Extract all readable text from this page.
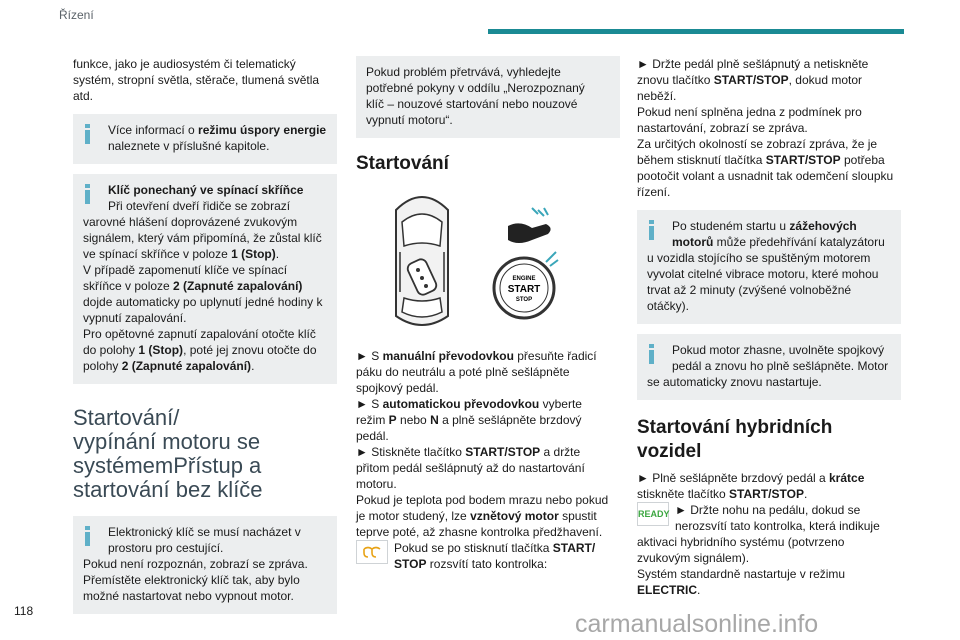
Řízení

funkce, jako je audiosystém či telematický
systém, stropní světla, stěrače, tlumená světla
atd.

Více informací o režimu úspory energie
naleznete v příslušné kapitole.
Klíč ponechaný ve spínací skříňce
Při otevření dveří řidiče se zobrazí
varovné hlášení doprovázené zvukovým
signálem, který vám připomíná, že zůstal klíč
ve spínací skříňce v poloze 1 (Stop).
V případě zapomenutí klíče ve spínací
skříňce v poloze 2 (Zapnuté zapalování)
dojde automaticky po uplynutí jedné hodiny k
vypnutí zapalování.
Pro opětovné zapnutí zapalování otočte klíč
do polohy 1 (Stop), poté jej znovu otočte do
polohy 2 (Zapnuté zapalování).
Startování/
vypínání motoru se
systémemPřístup a
startování bez klíče
Elektronický klíč se musí nacházet v
prostoru pro cestující.
Pokud není rozpoznán, zobrazí se zpráva.
Přemístěte elektronický klíč tak, aby bylo
možné nastartovat nebo vypnout motor.
Pokud problém přetrvává, vyhledejte
potřebné pokyny v oddílu „Nerozpoznaný
klíč – nouzové startování nebo nouzové
vypnutí motoru“.
Startování
ENGINE
START
STOP

► S manuální převodovkou přesuňte řadicí
páku do neutrálu a poté plně sešlápněte
spojkový pedál.
► S automatickou převodovkou vyberte
režim P nebo N a plně sešlápněte brzdový
pedál.
► Stiskněte tlačítko START/STOP a držte
přitom pedál sešlápnutý až do nastartování
motoru.
Pokud je teplota pod bodem mrazu nebo pokud
je motor studený, lze vznětový motor spustit
teprve poté, až zhasne kontrolka předžhavení.

Pokud se po stisknutí tlačítka START/
STOP rozsvítí tato kontrolka:

► Držte pedál plně sešlápnutý a netiskněte
znovu tlačítko START/STOP, dokud motor
neběží.
Pokud není splněna jedna z podmínek pro
nastartování, zobrazí se zpráva.
Za určitých okolností se zobrazí zpráva, že je
během stisknutí tlačítka START/STOP potřeba
pootočit volant a usnadnit tak odemčení sloupku
řízení.

Po studeném startu u zážehových
motorů může předehřívání katalyzátoru
u vozidla stojícího se spuštěným motorem
vyvolat citelné vibrace motoru, které mohou
trvat až 2 minuty (zvýšené volnoběžné
otáčky).
Pokud motor zhasne, uvolněte spojkový
pedál a znovu ho plně sešlápněte. Motor
se automaticky znovu nastartuje.
Startování hybridních
vozidel

► Plně sešlápněte brzdový pedál a krátce
stiskněte tlačítko START/STOP.

READY ► Držte nohu na pedálu, dokud se
nerozsvítí tato kontrolka, která indikuje
aktivaci hybridního systému (potvrzeno
zvukovým signálem).
Systém standardně nastartuje v režimu
ELECTRIC.

118	carmanualsonline.info
